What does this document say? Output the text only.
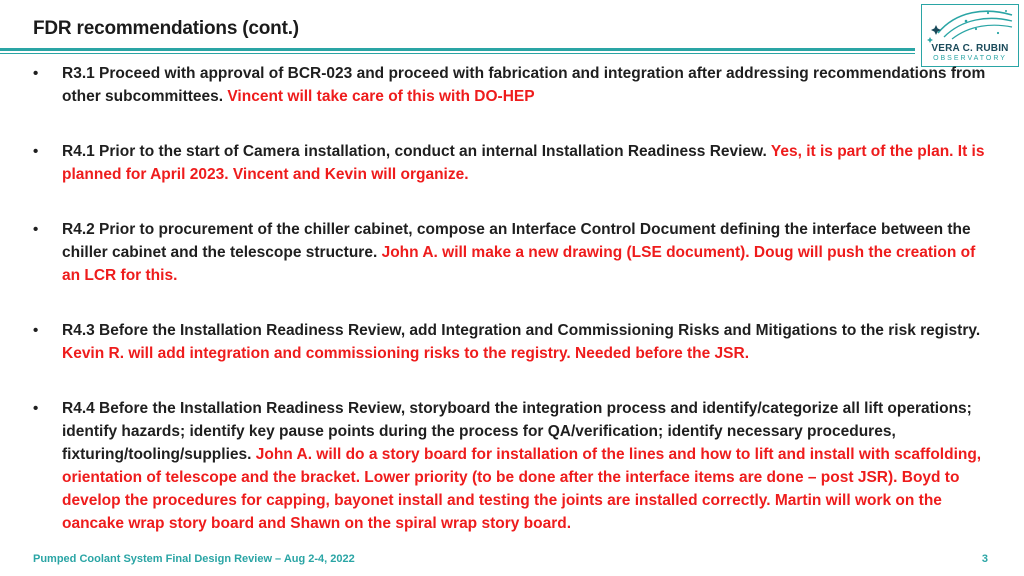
FDR recommendations (cont.)
VERA C. RUBIN
OBSERVATORY
• R3.1 Proceed with approval of BCR-023 and proceed with fabrication and integration after addressing recommendations from other subcommittees. Vincent will take care of this with DO-HEP
• R4.1 Prior to the start of Camera installation, conduct an internal Installation Readiness Review. Yes, it is part of the plan. It is planned for April 2023. Vincent and Kevin will organize.
• R4.2 Prior to procurement of the chiller cabinet, compose an Interface Control Document defining the interface between the chiller cabinet and the telescope structure. John A. will make a new drawing (LSE document). Doug will push the creation of an LCR for this.
• R4.3 Before the Installation Readiness Review, add Integration and Commissioning Risks and Mitigations to the risk registry. Kevin R. will add integration and commissioning risks to the registry. Needed before the JSR.
• R4.4 Before the Installation Readiness Review, storyboard the integration process and identify/categorize all lift operations; identify hazards; identify key pause points during the process for QA/verification; identify necessary procedures, fixturing/tooling/supplies. John A. will do a story board for installation of the lines and how to lift and install with scaffolding, orientation of telescope and the bracket. Lower priority (to be done after the interface items are done – post JSR). Boyd to develop the procedures for capping, bayonet install and testing the joints are installed correctly. Martin will work on the oancake wrap story board and Shawn on the spiral wrap story board.
Pumped Coolant System Final Design Review – Aug 2-4, 2022	3
